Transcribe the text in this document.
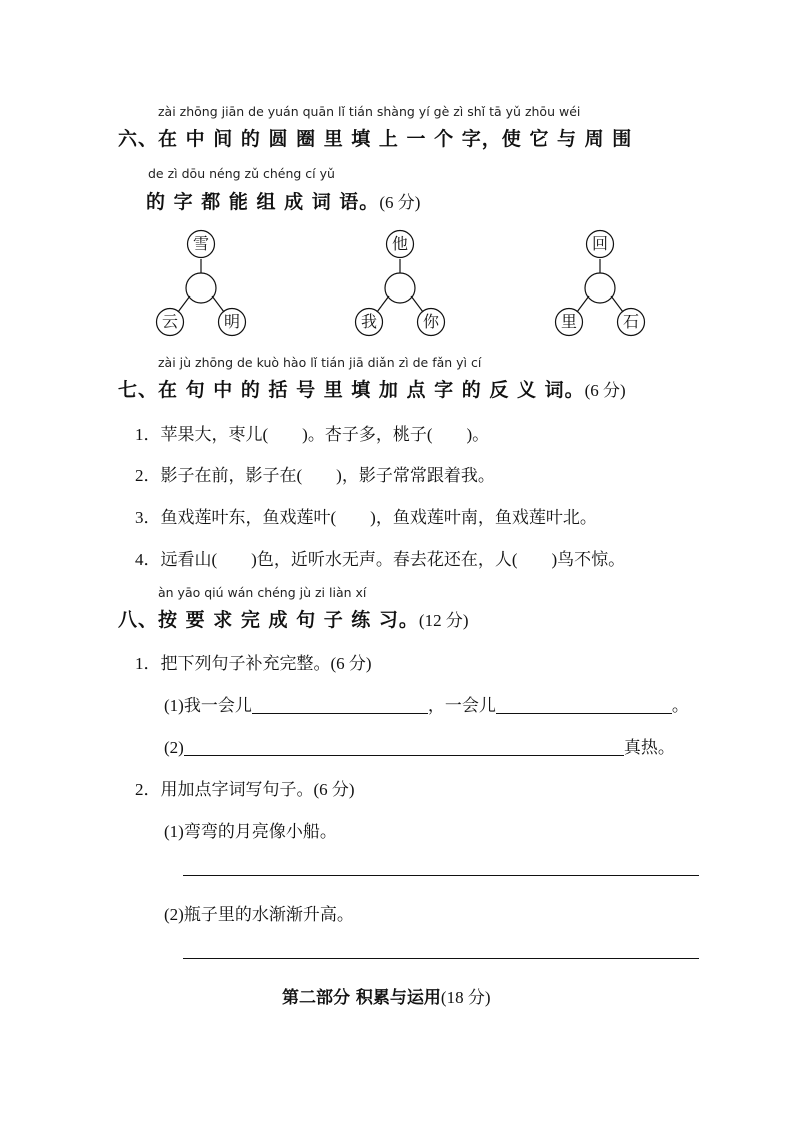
zài zhōng jiān de yuán quān lǐ tián shàng yí gè zì shǐ tā yǔ zhōu wéi
六、在 中 间 的 圆 圈 里 填 上 一 个 字，使 它 与 周 围
de zì dōu néng zǔ chéng cí yǔ
的 字 都 能 组 成 词 语。(6 分)
雪
云	明
他
我	你
回
里	石
zài jù zhōng de kuò hào lǐ tián jiā diǎn zì de fǎn yì cí
七、在 句 中 的 括 号 里 填 加 点 字 的 反 义 词。(6 分)
1．苹果大，枣儿(　　)。杏子多，桃子(　　)。
2．影子在前，影子在(　　)，影子常常跟着我。
3．鱼戏莲叶东，鱼戏莲叶(　　)，鱼戏莲叶南，鱼戏莲叶北。
4．远看山(　　)色，近听水无声。春去花还在，人(　　)鸟不惊。
àn yāo qiú wán chéng jù zi liàn xí
八、按 要 求 完 成 句 子 练 习。(12 分)
1．把下列句子补充完整。(6 分)
(1)我一会儿	，一会儿	。
(2)	真热。
2．用加点字词写句子。(6 分)
(1)弯弯的月亮像小船。
(2)瓶子里的水渐渐升高。
第二部分 积累与运用(18 分)
